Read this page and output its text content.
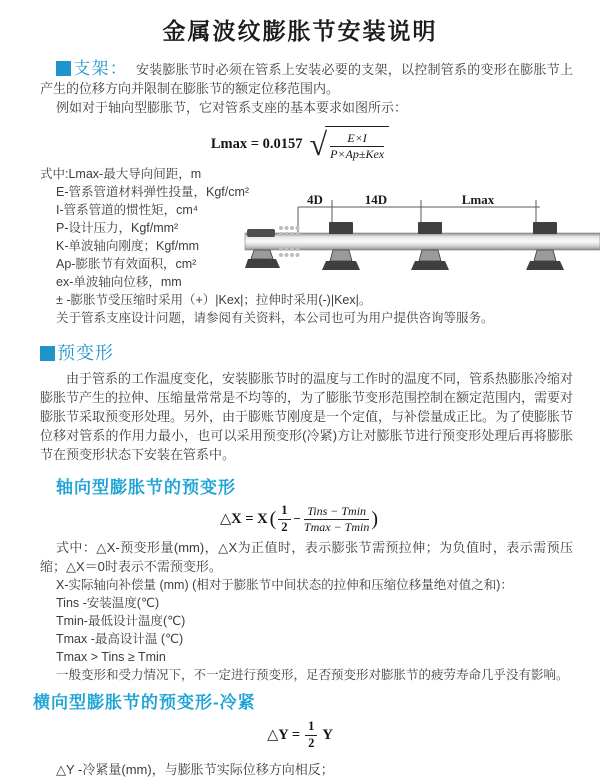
金属波纹膨胀节安装说明

支架： 安装膨胀节时必须在管系上安装必要的支架，以控制管系的变形在膨胀节上产生的位移方向并限制在膨胀节的额定位移范围内。

例如对于轴向型膨胀节，它对管系支座的基本要求如图所示：

Lmax = 0.0157 √ $\frac{E\times I}{\text{P×Ap±Kex}}$

式中:Lmax-最大导向间距，m

E-管系管道材料弹性投量，Kgf/cm²

I-管系管道的惯性矩，cm⁴

P-设计压力，Kgf/mm²

K-单波轴向刚度；Kgf/mm

Ap-膨胀节有效面积，cm²

ex-单波轴向位移，mm

± -膨胀节受压缩时采用（+）|Kex|；拉伸时采用(-)|Kex|。

关于管系支座设计问题，请参阅有关资料，本公司也可为用户提供咨询等服务。

4D	14D	Lmax
预变形

由于管系的工作温度变化，安装膨胀节时的温度与工作时的温度不同，管系热膨胀冷缩对膨胀节产生的拉伸、压缩量常常是不均等的，为了膨胀节变形范围控制在额定范围内，需要对膨胀节采取预变形处理。另外，由于膨账节刚度是一个定值，与补偿量成正比。为了使膨胀节位移对管系的作用力最小，也可以采用预变形(冷紧)方让对膨胀节进行预变形处理后再将膨胀节在预变形状态下安装在管系中。

轴向型膨胀节的预变形
△X = X ( $\frac{1}{2} - \frac{\text{Tins − Tmin}}{Tmax - Tmin}$ )

式中：△X-预变形量(mm)，△X为正值时，表示膨张节需预拉伸；为负值时，表示需预压缩；△X＝0时表示不需预变形。

X-实际轴向补偿量 (mm) (相对于膨胀节中间状态的拉伸和压缩位移量绝对值之和)：

Tins -安装温度(℃)

Tmin-最低设计温度(℃)

Tmax -最高设计温 (℃)

Tmax > Tins ≥ Tmin

一般变形和受力情况下，不一定进行预变形，足否预变形对膨胀节的疲劳寿命几乎没有影响。

横向型膨胀节的预变形-冷紧
△Y = $\frac{1}{2}$ Y

△Y -冷紧量(mm)，与膨胀节实际位移方向相反；
